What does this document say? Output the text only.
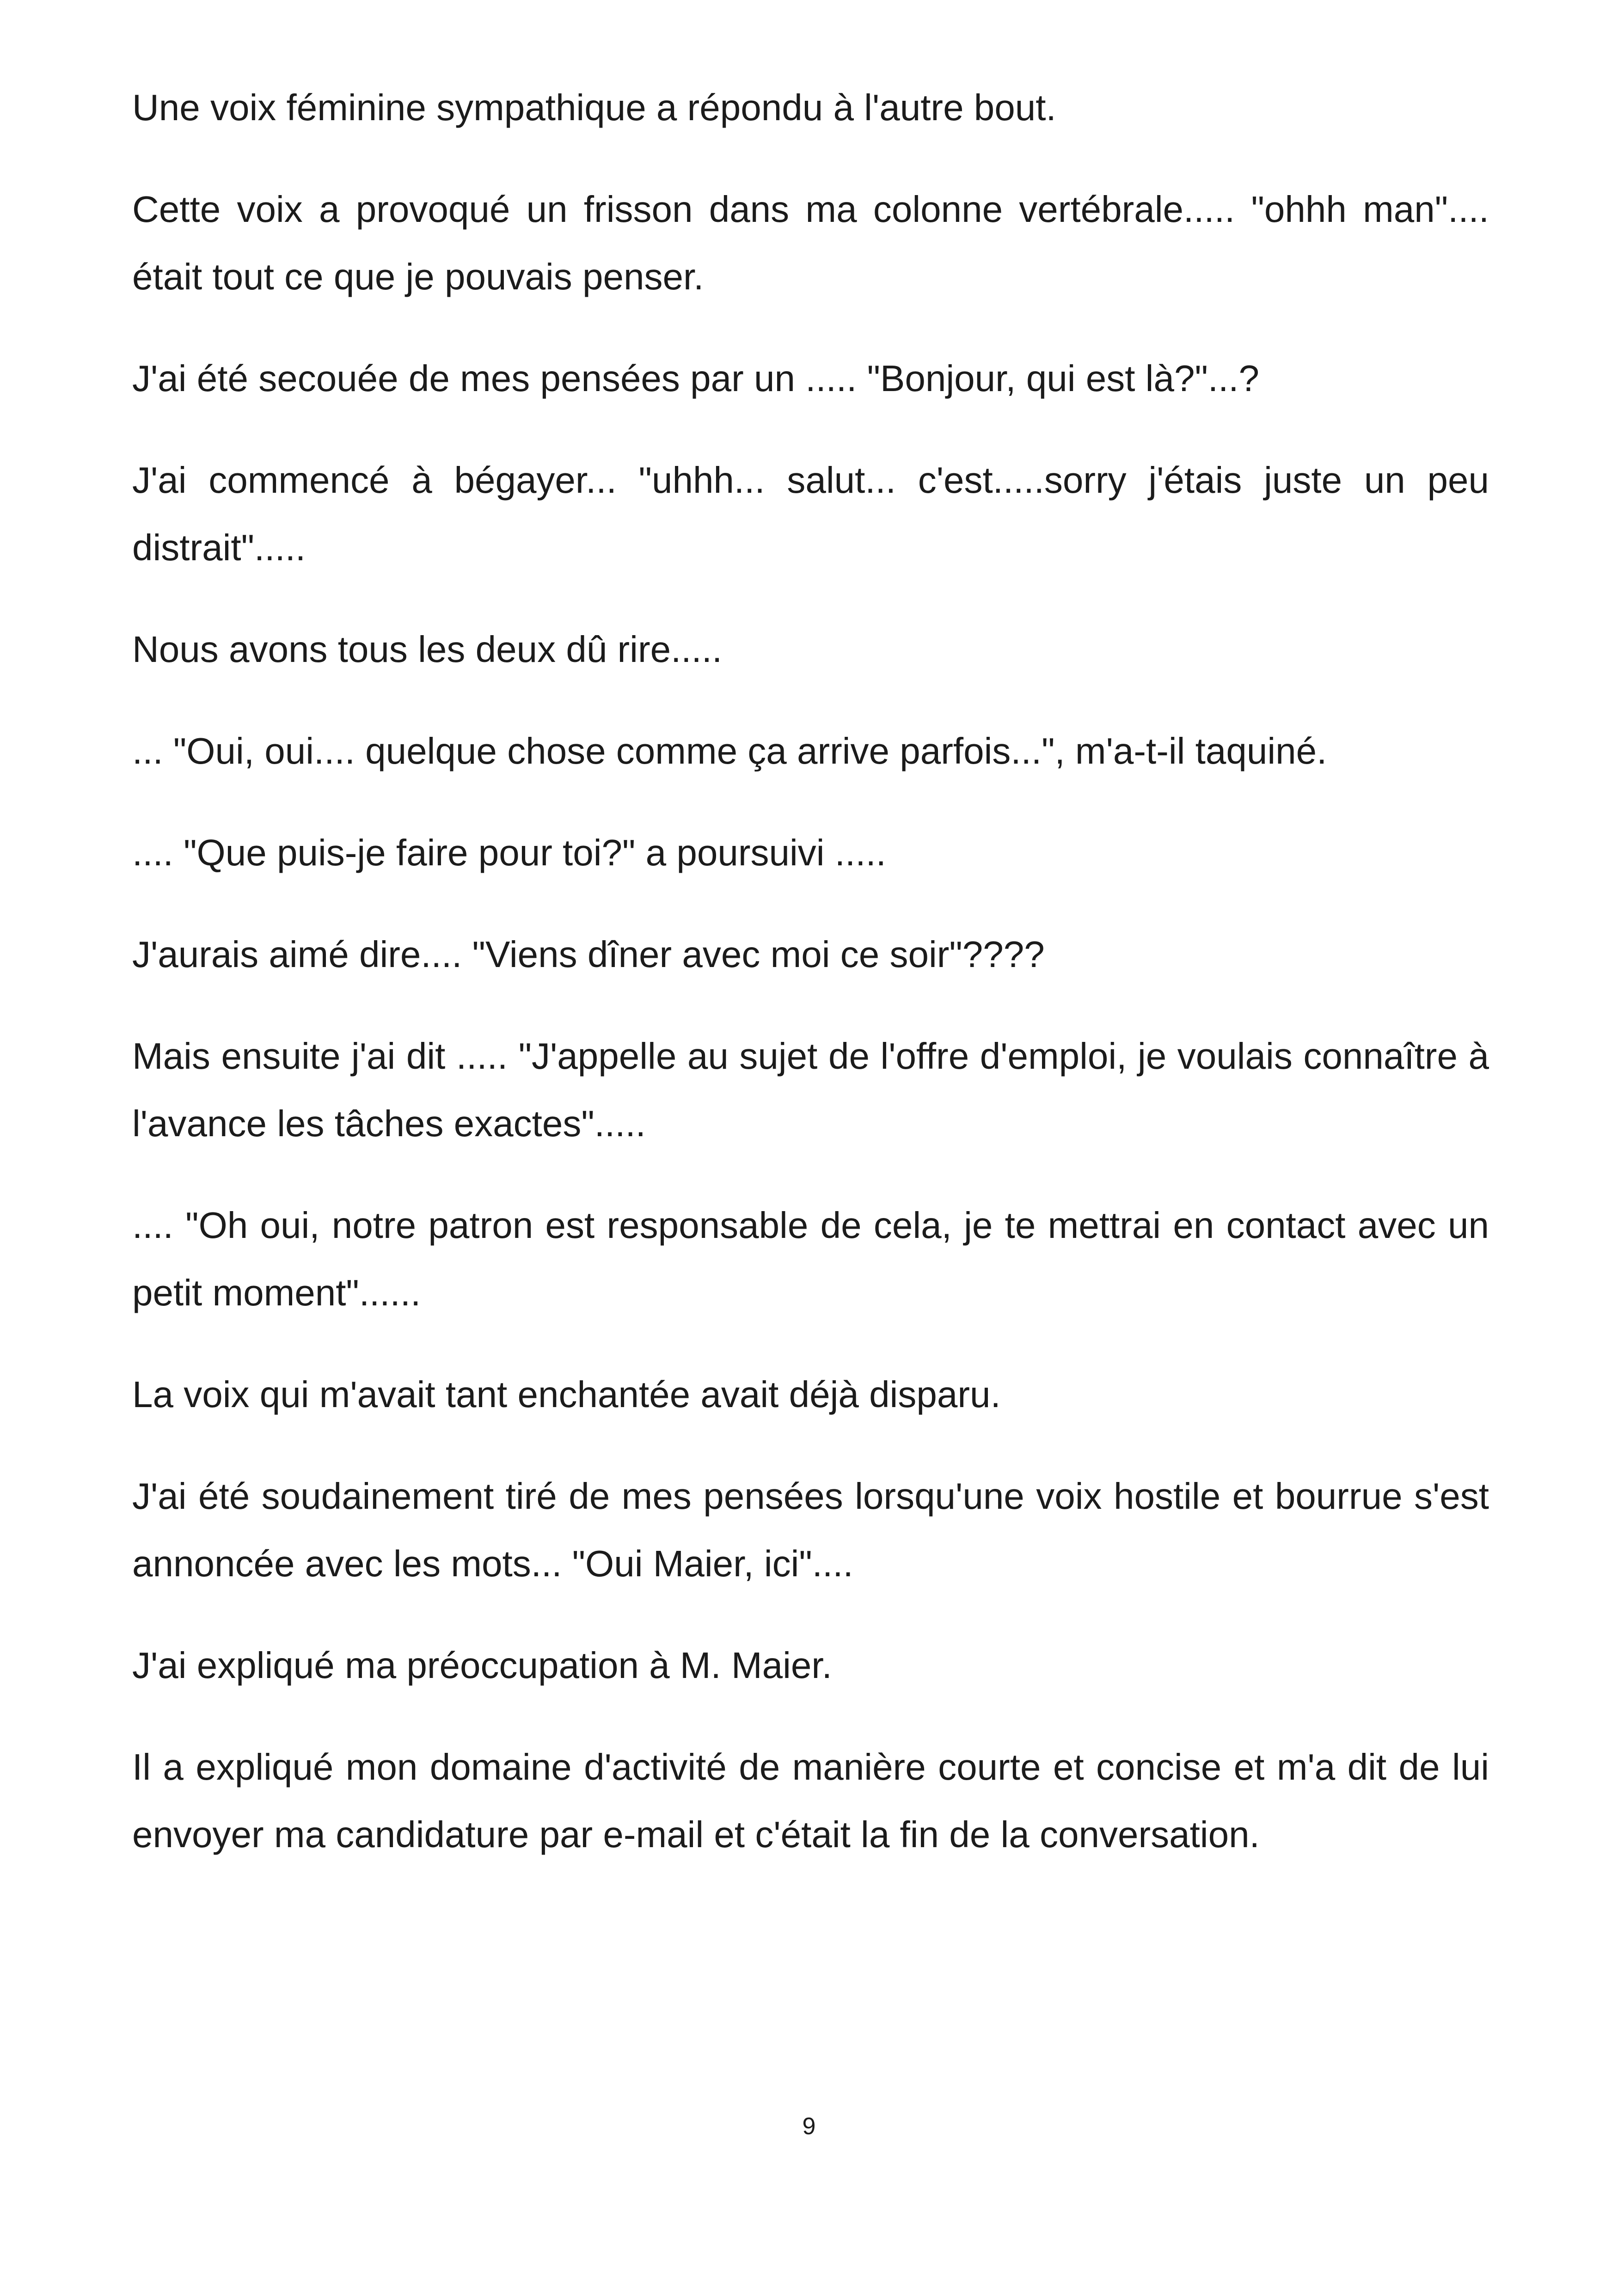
Une voix féminine sympathique a répondu à l'autre bout.

Cette voix a provoqué un frisson dans ma colonne vertébrale..... "ohhh man".... était tout ce que je pouvais penser.

J'ai été secouée de mes pensées par un ..... "Bonjour, qui est là?"...?

J'ai commencé à bégayer... "uhhh... salut... c'est.....sorry j'étais juste un peu distrait".....

Nous avons tous les deux dû rire.....

... "Oui, oui.... quelque chose comme ça arrive parfois...", m'a-t-il taquiné.

.... "Que puis-je faire pour toi?" a poursuivi .....

J'aurais aimé dire.... "Viens dîner avec moi ce soir"????

Mais ensuite j'ai dit ..... "J'appelle au sujet de l'offre d'emploi, je voulais connaître à l'avance les tâches exactes".....

.... "Oh oui, notre patron est responsable de cela, je te mettrai en contact avec un petit moment"......

La voix qui m'avait tant enchantée avait déjà disparu.

J'ai été soudainement tiré de mes pensées lorsqu'une voix hostile et bourrue s'est annoncée avec les mots... "Oui Maier, ici"....

J'ai expliqué ma préoccupation à M. Maier.

Il a expliqué mon domaine d'activité de manière courte et concise et m'a dit de lui envoyer ma candidature par e-mail et c'était la fin de la conversation.

9
